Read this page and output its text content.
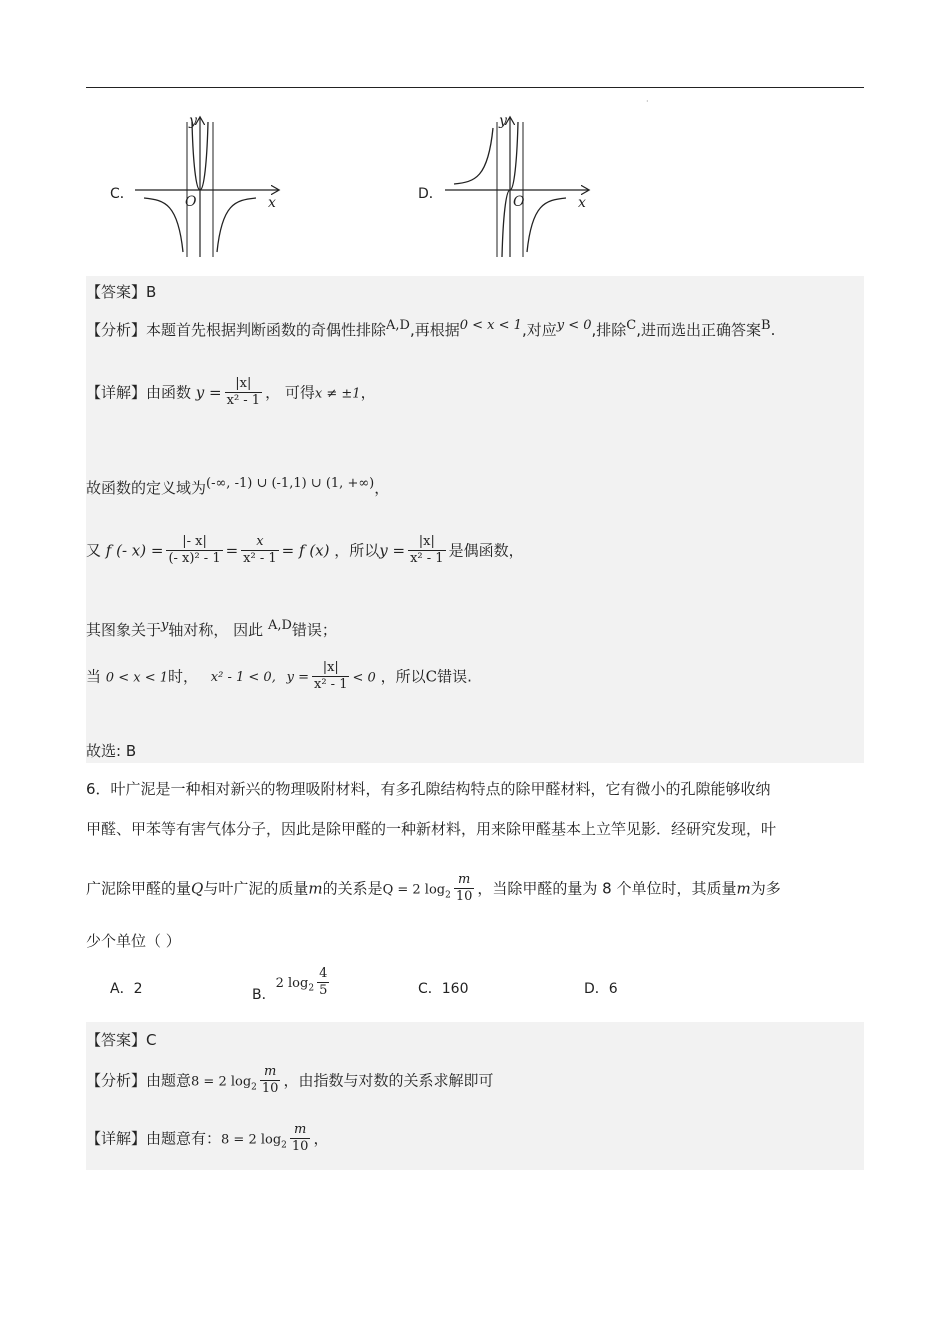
·
C．
y
x
O	D．
y
x
O
【答案】B
【分析】本题首先根据判断函数的奇偶性排除$^{A,D}$,再根据$^{0 < x < 1}$,对应$^{y < 0}$,排除$^C$,进而选出正确答案$^B$.
【详解】由函数 $y = \frac{|x|}{\text{x² - 1}}$ ， 可得x ≠ ±1，
故函数的定义域为$^{(-\infty, -1) \cup (-1,1) \cup (1, +\infty)}$，
又 f (- $x) = \frac{|- x|}{\text{(- x)² - 1}} = \frac{x}{\text{x² - 1}} = f$ (x) ，所以$y = \frac{|x|}{\text{x² - 1}}$ 是偶函数，
其图象关于$^y$轴对称， 因此 $^{A,D}$错误；
当 0 < x < 1时， x² - 1 < 0, $y = \frac{|x|}{\text{x² - 1}} < 0$ ，所以C错误.
故选: B
6．叶广泥是一种相对新兴的物理吸附材料，有多孔隙结构特点的除甲醛材料，它有微小的孔隙能够收纳
甲醛、甲苯等有害气体分子，因此是除甲醛的一种新材料，用来除甲醛基本上立竿见影．经研究发现，叶
广泥除甲醛的量Q与叶广泥的质量m的关系是Q = 2 $\log_2 \frac{m}{10}$ ，当除甲醛的量为 8 个单位时，其质量m为多
少个单位（ ）
A．2	B．2 $\log_2 \frac{4}{5}$	C．160	D．6
【答案】C
【分析】由题意8 = 2 $\log_2 \frac{m}{10}$ ，由指数与对数的关系求解即可
【详解】由题意有：8 = 2 $\log_2 \frac{m}{10}$ ，
